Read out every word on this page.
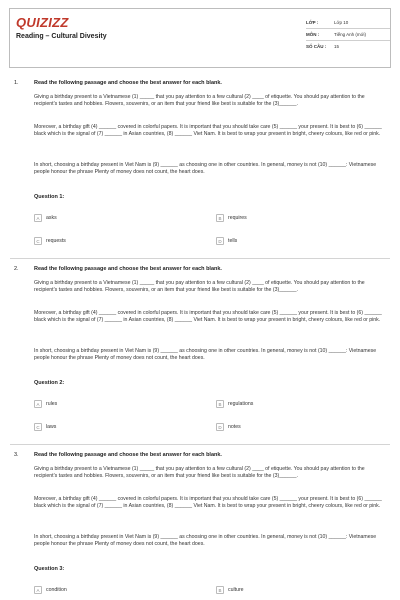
QUIZIZZ
Reading – Cultural Divesity
LỚP :	Lớp 10
MÔN :	Tiếng Anh (mới)
SỐ CÂU :	15
1.	Read the following passage and choose the best answer for each blank.
Giving a birthday present to a Vietnamese (1) _____ that you pay attention to a few cultural (2) ____ of etiquette. You should pay attention to the recipient's tastes and hobbies. Flowers, souvenirs, or an item that your friend like best is suitable for the (3)______.
Moreover, a birthday gift (4) ______ covered in colorful papers. It is important that you should take care (5) ______ your present. It is best to (6) ______ black which is the signal of (7) ______ in Asian countries, (8) ______ Viet Nam. It is best to wrap your present in bright, cheery colours, like red or pink.
In short, choosing a birthday present in Viet Nam is (9) ______ as choosing one in other countries. In general, money is not (10) ______: Vietnamese people honour the phrase Plenty of money does not count, the heart does.
Question 1:
A	asks	B	requires
C	requests	D	tells
2.	Read the following passage and choose the best answer for each blank.
Giving a birthday present to a Vietnamese (1) _____ that you pay attention to a few cultural (2) ____ of etiquette. You should pay attention to the recipient's tastes and hobbies. Flowers, souvenirs, or an item that your friend like best is suitable for the (3)______.
Moreover, a birthday gift (4) ______ covered in colorful papers. It is important that you should take care (5) ______ your present. It is best to (6) ______ black which is the signal of (7) ______ in Asian countries, (8) ______ Viet Nam. It is best to wrap your present in bright, cheery colours, like red or pink.
In short, choosing a birthday present in Viet Nam is (9) ______ as choosing one in other countries. In general, money is not (10) ______: Vietnamese people honour the phrase Plenty of money does not count, the heart does.
Question 2:
A	rules	B	regulations
C	laws	D	notes
3.	Read the following passage and choose the best answer for each blank.
Giving a birthday present to a Vietnamese (1) _____ that you pay attention to a few cultural (2) ____ of etiquette. You should pay attention to the recipient's tastes and hobbies. Flowers, souvenirs, or an item that your friend like best is suitable for the (3)______.
Moreover, a birthday gift (4) ______ covered in colorful papers. It is important that you should take care (5) ______ your present. It is best to (6) ______ black which is the signal of (7) ______ in Asian countries, (8) ______ Viet Nam. It is best to wrap your present in bright, cheery colours, like red or pink.
In short, choosing a birthday present in Viet Nam is (9) ______ as choosing one in other countries. In general, money is not (10) ______: Vietnamese people honour the phrase Plenty of money does not count, the heart does.
Question 3:
A	condition	B	culture
